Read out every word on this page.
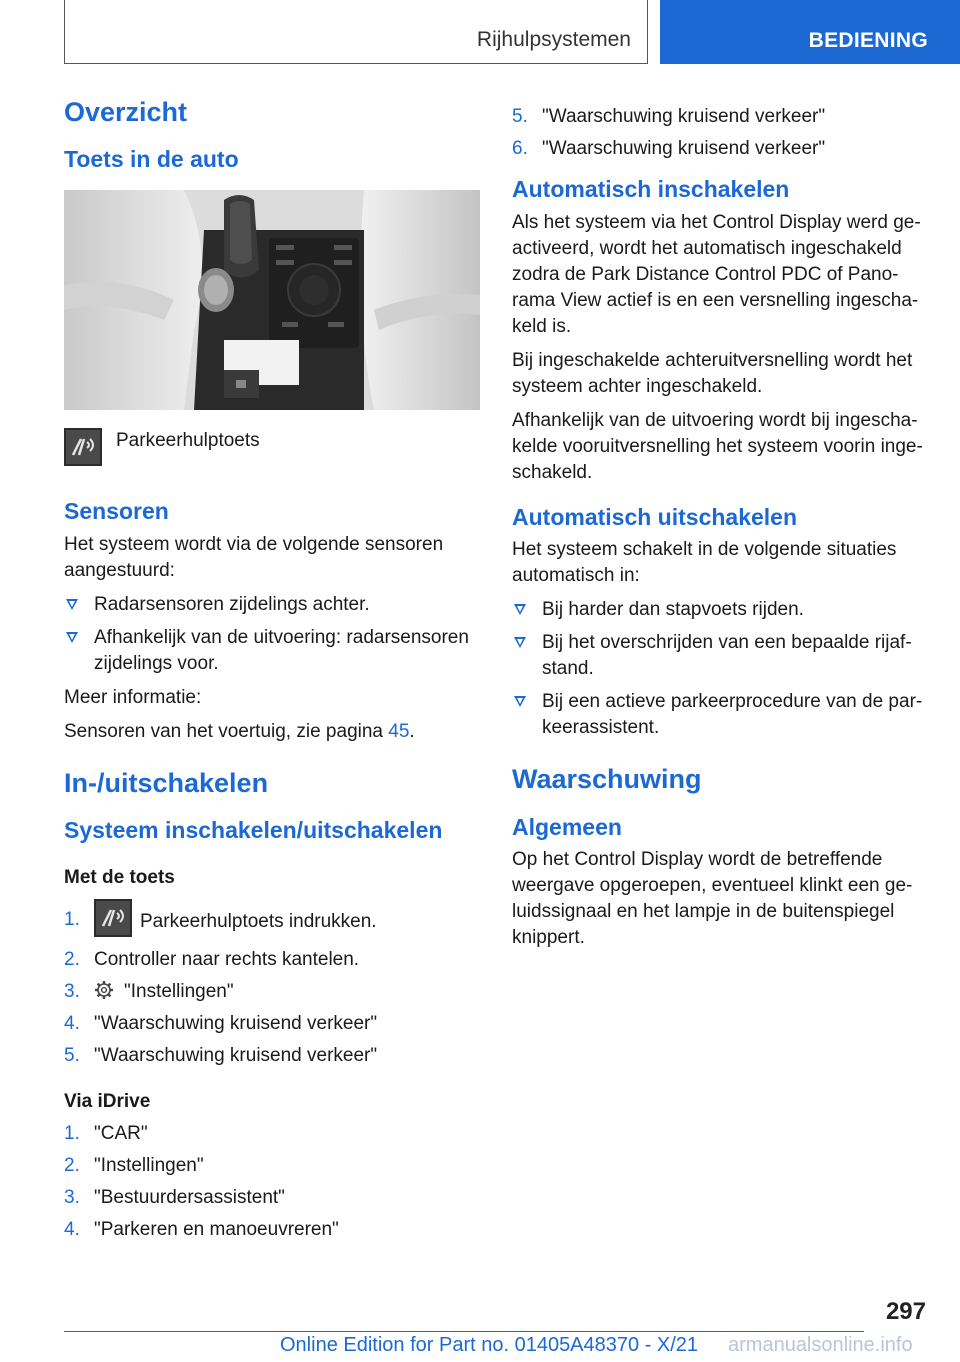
Rijhulpsystemen	BEDIENING
Overzicht
Toets in de auto
Parkeerhulptoets
Sensoren

Het systeem wordt via de volgende sensoren aangestuurd:

Radarsensoren zijdelings achter.
Afhankelijk van de uitvoering: radarsensoren zijdelings voor.

Meer informatie:

Sensoren van het voertuig, zie pagina 45.

In-/uitschakelen
Systeem inschakelen/uitschakelen
Met de toets
1.	Parkeerhulptoets indrukken.
2. Controller naar rechts kantelen.
3. "Instellingen"
4. "Waarschuwing kruisend verkeer"
5. "Waarschuwing kruisend verkeer"
Via iDrive
1. "CAR"
2. "Instellingen"
3. "Bestuurdersassistent"
4. "Parkeren en manoeuvreren"
5. "Waarschuwing kruisend verkeer"
6. "Waarschuwing kruisend verkeer"
Automatisch inschakelen

Als het systeem via het Control Display werd ge-activeerd, wordt het automatisch ingeschakeld zodra de Park Distance Control PDC of Pano-rama View actief is en een versnelling ingescha-keld is.

Bij ingeschakelde achteruitversnelling wordt het systeem achter ingeschakeld.

Afhankelijk van de uitvoering wordt bij ingescha-kelde vooruitversnelling het systeem voorin inge-schakeld.

Automatisch uitschakelen

Het systeem schakelt in de volgende situaties automatisch in:

Bij harder dan stapvoets rijden.
Bij het overschrijden van een bepaalde rijaf-stand.
Bij een actieve parkeerprocedure van de par-keerassistent.
Waarschuwing
Algemeen

Op het Control Display wordt de betreffende weergave opgeroepen, eventueel klinkt een ge-luidssignaal en het lampje in de buitenspiegel knippert.

297
Online Edition for Part no. 01405A48370 - X/21 armanualsonline.info
